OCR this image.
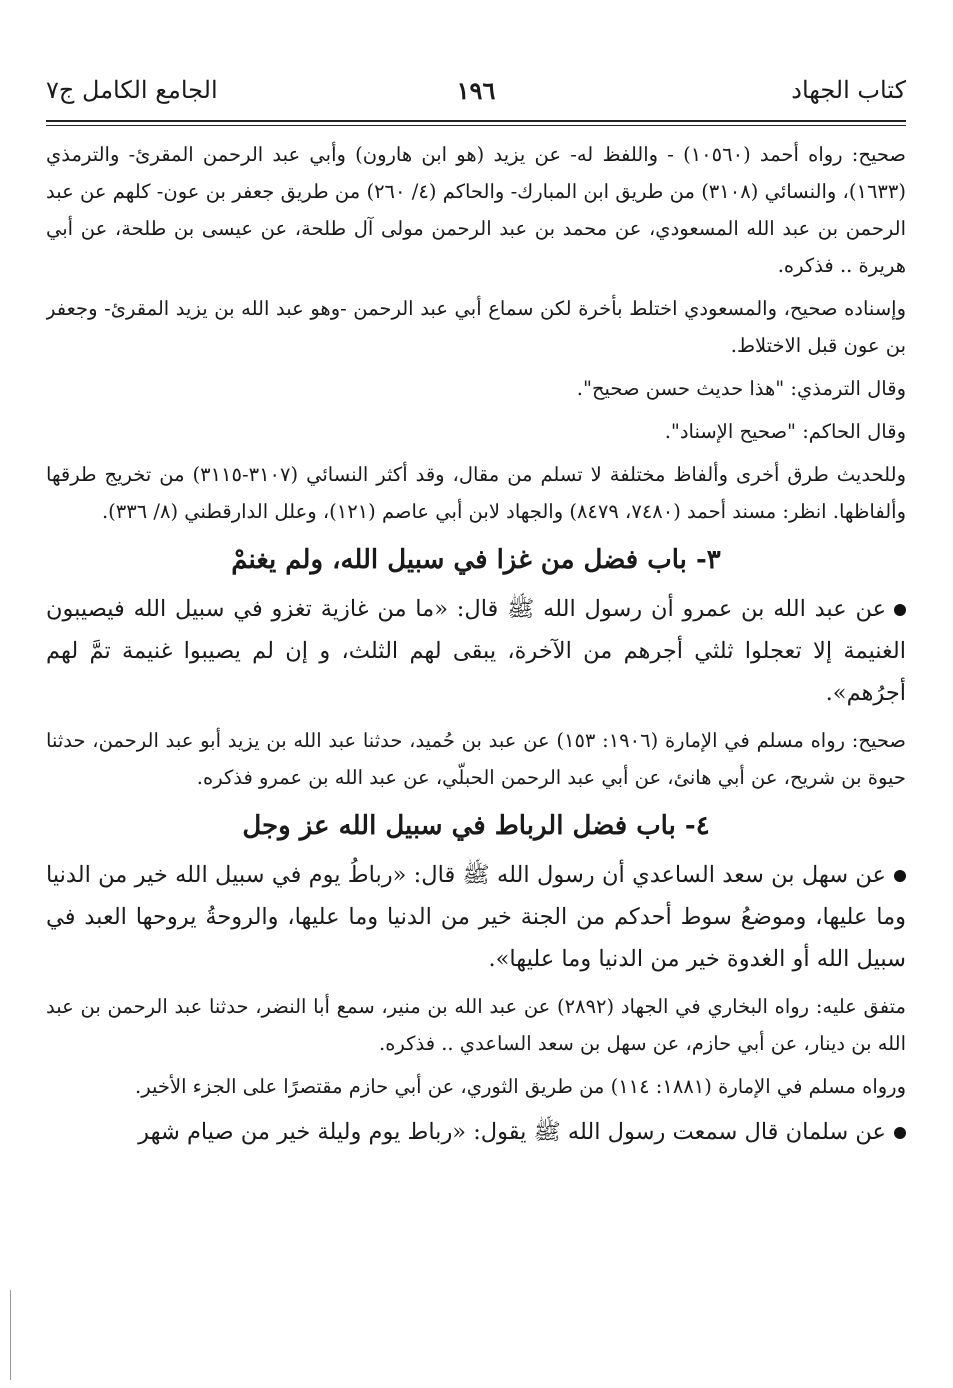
كتاب الجهاد
١٩٦
الجامع الكامل ج٧

صحيح: رواه أحمد (١٠٥٦٠) - واللفظ له- عن يزيد (هو ابن هارون) وأبي عبد الرحمن المقرئ- والترمذي (١٦٣٣)، والنسائي (٣١٠٨) من طريق ابن المبارك- والحاكم (٤/ ٢٦٠) من طريق جعفر بن عون- كلهم عن عبد الرحمن بن عبد الله المسعودي، عن محمد بن عبد الرحمن مولى آل طلحة، عن عيسى بن طلحة، عن أبي هريرة .. فذكره.

وإسناده صحيح، والمسعودي اختلط بأخرة لكن سماع أبي عبد الرحمن -وهو عبد الله بن يزيد المقرئ- وجعفر بن عون قبل الاختلاط.

وقال الترمذي: "هذا حديث حسن صحيح".

وقال الحاكم: "صحيح الإسناد".

وللحديث طرق أخرى وألفاظ مختلفة لا تسلم من مقال، وقد أكثر النسائي (٣١٠٧-٣١١٥) من تخريج طرقها وألفاظها. انظر: مسند أحمد (٧٤٨٠، ٨٤٧٩) والجهاد لابن أبي عاصم (١٢١)، وعلل الدارقطني (٨/ ٣٣٦).

٣- باب فضل من غزا في سبيل الله، ولم يغنمْ

عن عبد الله بن عمرو أن رسول الله ﷺ قال: «ما من غازية تغزو في سبيل الله فيصيبون الغنيمة إلا تعجلوا ثلثي أجرهم من الآخرة، يبقى لهم الثلث، و إن لم يصيبوا غنيمة تمَّ لهم أجرُهم».

صحيح: رواه مسلم في الإمارة (١٩٠٦: ١٥٣) عن عبد بن حُميد، حدثنا عبد الله بن يزيد أبو عبد الرحمن، حدثنا حيوة بن شريح، عن أبي هانئ، عن أبي عبد الرحمن الحبلّي، عن عبد الله بن عمرو فذكره.

٤- باب فضل الرباط في سبيل الله عز وجل

عن سهل بن سعد الساعدي أن رسول الله ﷺ قال: «رباطُ يوم في سبيل الله خير من الدنيا وما عليها، وموضعُ سوط أحدكم من الجنة خير من الدنيا وما عليها، والروحةُ يروحها العبد في سبيل الله أو الغدوة خير من الدنيا وما عليها».

متفق عليه: رواه البخاري في الجهاد (٢٨٩٢) عن عبد الله بن منير، سمع أبا النضر، حدثنا عبد الرحمن بن عبد الله بن دينار، عن أبي حازم، عن سهل بن سعد الساعدي .. فذكره.

ورواه مسلم في الإمارة (١٨٨١: ١١٤) من طريق الثوري، عن أبي حازم مقتصرًا على الجزء الأخير.

عن سلمان قال سمعت رسول الله ﷺ يقول: «رباط يوم وليلة خير من صيام شهر
